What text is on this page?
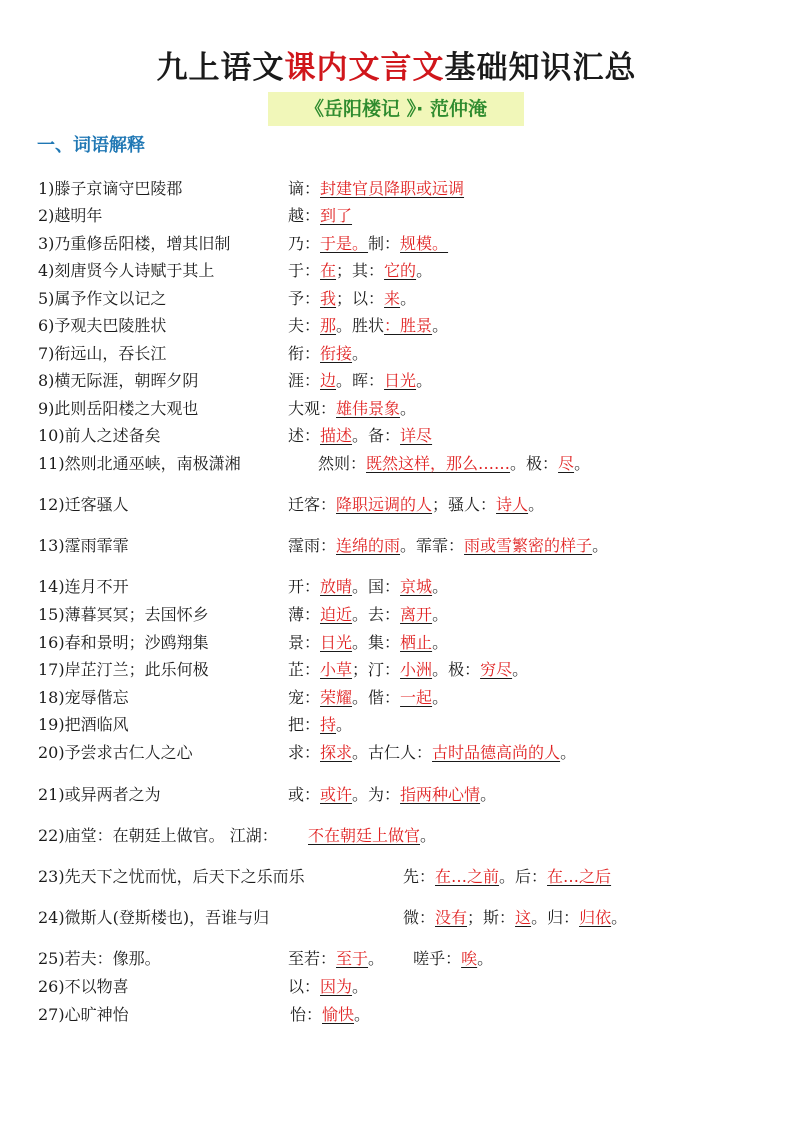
九上语文课内文言文基础知识汇总
《岳阳楼记 》· 范仲淹
一、词语解释
1)滕子京谪守巴陵郡	谪：封建官员降职或远调
2)越明年	越：到了
3)乃重修岳阳楼，增其旧制	乃：于是。制：规模。
4)刻唐贤今人诗赋于其上	于：在；其：它的。
5)属予作文以记之	予：我；以：来。
6)予观夫巴陵胜状	夫：那。胜状：胜景。
7)衔远山，吞长江	衔：衔接。
8)横无际涯，朝晖夕阴	涯：边。晖：日光。
9)此则岳阳楼之大观也	大观：雄伟景象。
10)前人之述备矣	述：描述。备：详尽
11)然则北通巫峡，南极潇湘	然则：既然这样，那么……。极：尽。
12)迁客骚人	迁客：降职远调的人；骚人：诗人。
13)霪雨霏霏	霪雨：连绵的雨。霏霏：雨或雪繁密的样子。
14)连月不开	开：放晴。国：京城。
15)薄暮冥冥；去国怀乡	薄：迫近。去：离开。
16)春和景明；沙鸥翔集	景：日光。集：栖止。
17)岸芷汀兰；此乐何极	芷：小草；汀：小洲。极：穷尽。
18)宠辱偕忘	宠：荣耀。偕：一起。
19)把酒临风	把：持。
20)予尝求古仁人之心	求：探求。古仁人：古时品德高尚的人。
21)或异两者之为	或：或许。为：指两种心情。
22)庙堂：在朝廷上做官。 江湖： 不在朝廷上做官。
23)先天下之忧而忧，后天下之乐而乐	先：在…之前。后：在…之后
24)微斯人(登斯楼也)，吾谁与归	微：没有；斯：这。归：归依。
25)若夫：像那。	至若：至于。　　 嗟乎：唉。
26)不以物喜	以：因为。
27)心旷神怡	怡：愉快。
